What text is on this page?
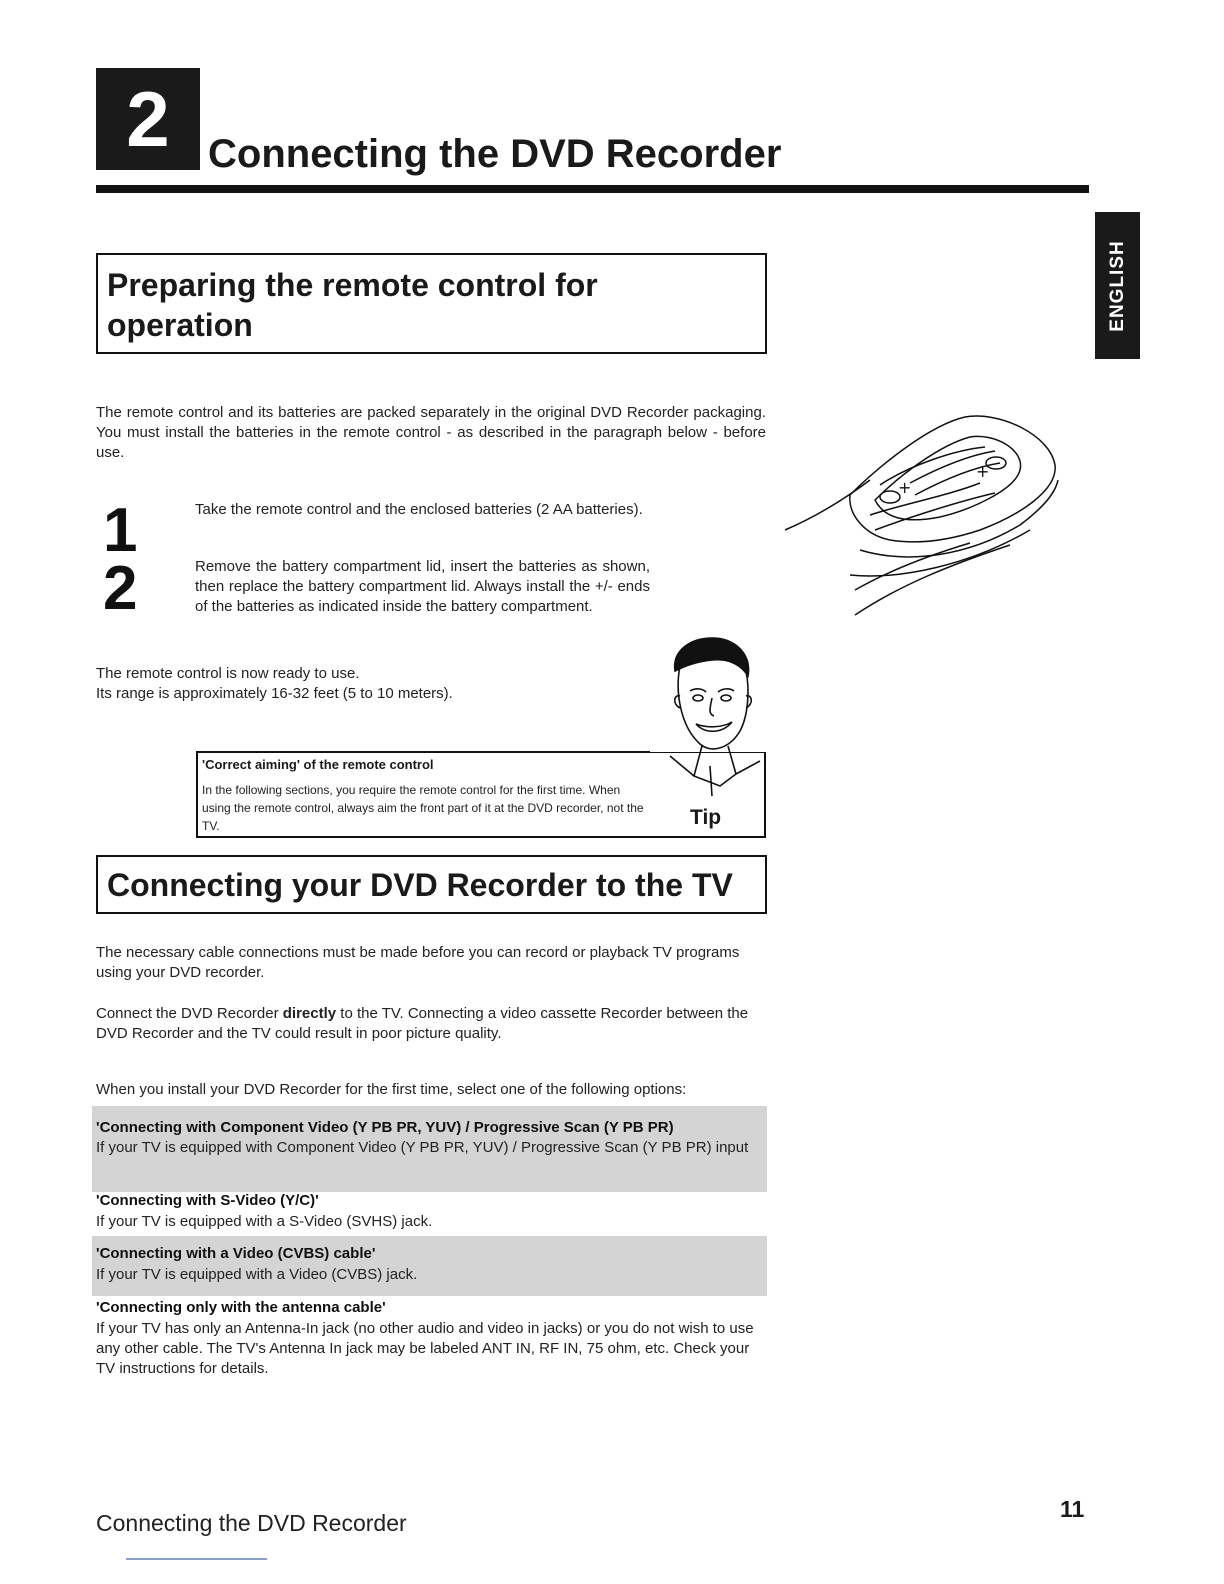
2 Connecting the DVD Recorder
ENGLISH
Preparing the remote control for operation
The remote control and its batteries are packed separately in the original DVD Recorder packaging. You must install the batteries in the remote control - as described in the paragraph below - before use.
+
+
1	Take the remote control and the enclosed batteries (2 AA batteries).
2	Remove the battery compartment lid, insert the batteries as shown, then replace the battery compartment lid. Always install the +/- ends of the batteries as indicated inside the battery compartment.
The remote control is now ready to use.
Its range is approximately 16-32 feet (5 to 10 meters).
'Correct aiming' of the remote control
In the following sections, you require the remote control for the first time. When using the remote control, always aim the front part of it at the DVD recorder, not the TV.	Tip
Connecting your DVD Recorder to the TV
The necessary cable connections must be made before you can record or playback TV programs using your DVD recorder.
Connect the DVD Recorder directly to the TV. Connecting a video cassette Recorder between the DVD Recorder and the TV could result in poor picture quality.
When you install your DVD Recorder for the first time, select one of the following options:
'Connecting with Component Video (Y PB PR, YUV) / Progressive Scan (Y PB PR)
If your TV is equipped with Component Video (Y PB PR, YUV) / Progressive Scan (Y PB PR) input
'Connecting with S-Video (Y/C)'
If your TV is equipped with a S-Video (SVHS) jack.
'Connecting with a Video (CVBS) cable'
If your TV is equipped with a Video (CVBS) jack.
'Connecting only with the antenna cable'
If your TV has only an Antenna-In jack (no other audio and video in jacks) or you do not wish to use any other cable. The TV's Antenna In jack may be labeled ANT IN, RF IN, 75 ohm, etc. Check your TV instructions for details.
Connecting the DVD Recorder
11
